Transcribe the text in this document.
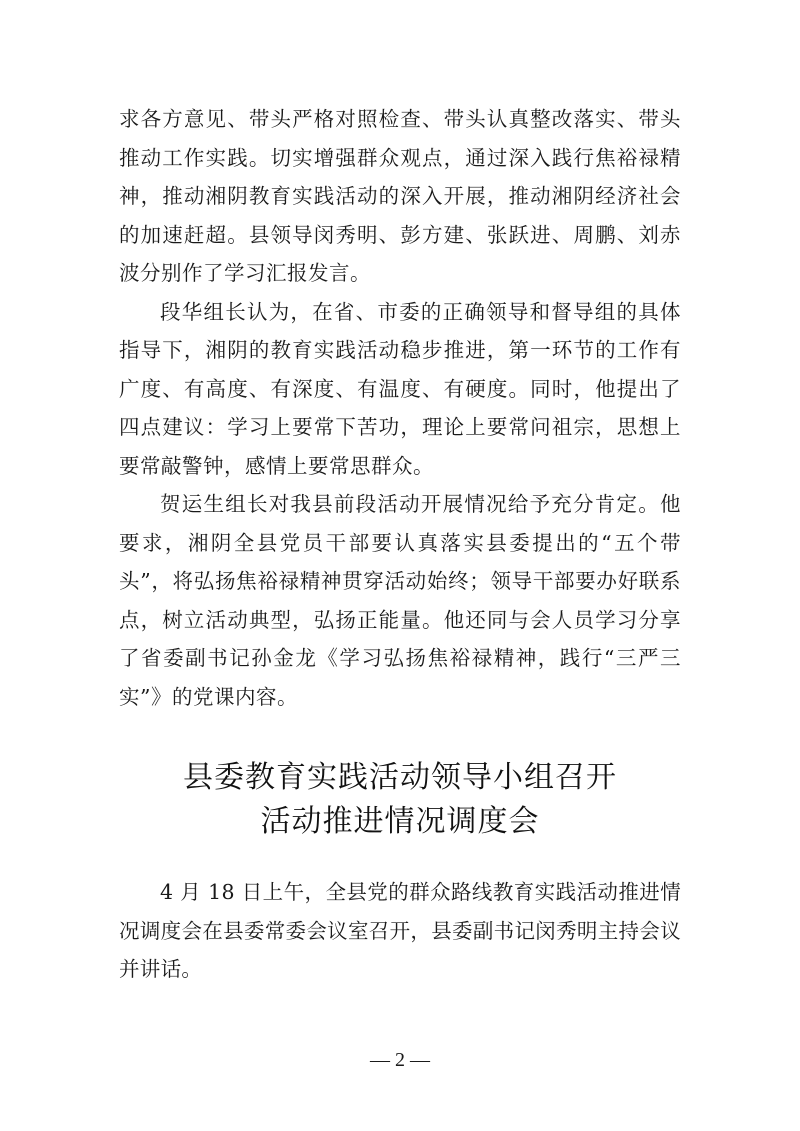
求各方意见、带头严格对照检查、带头认真整改落实、带头推动工作实践。切实增强群众观点，通过深入践行焦裕禄精神，推动湘阴教育实践活动的深入开展，推动湘阴经济社会的加速赶超。县领导闵秀明、彭方建、张跃进、周鹏、刘赤波分别作了学习汇报发言。

段华组长认为，在省、市委的正确领导和督导组的具体指导下，湘阴的教育实践活动稳步推进，第一环节的工作有广度、有高度、有深度、有温度、有硬度。同时，他提出了四点建议：学习上要常下苦功，理论上要常问祖宗，思想上要常敲警钟，感情上要常思群众。

贺运生组长对我县前段活动开展情况给予充分肯定。他要求，湘阴全县党员干部要认真落实县委提出的“五个带头”，将弘扬焦裕禄精神贯穿活动始终；领导干部要办好联系点，树立活动典型，弘扬正能量。他还同与会人员学习分享了省委副书记孙金龙《学习弘扬焦裕禄精神，践行“三严三实”》的党课内容。

县委教育实践活动领导小组召开
活动推进情况调度会

4 月 18 日上午，全县党的群众路线教育实践活动推进情况调度会在县委常委会议室召开，县委副书记闵秀明主持会议并讲话。

— 2 —
